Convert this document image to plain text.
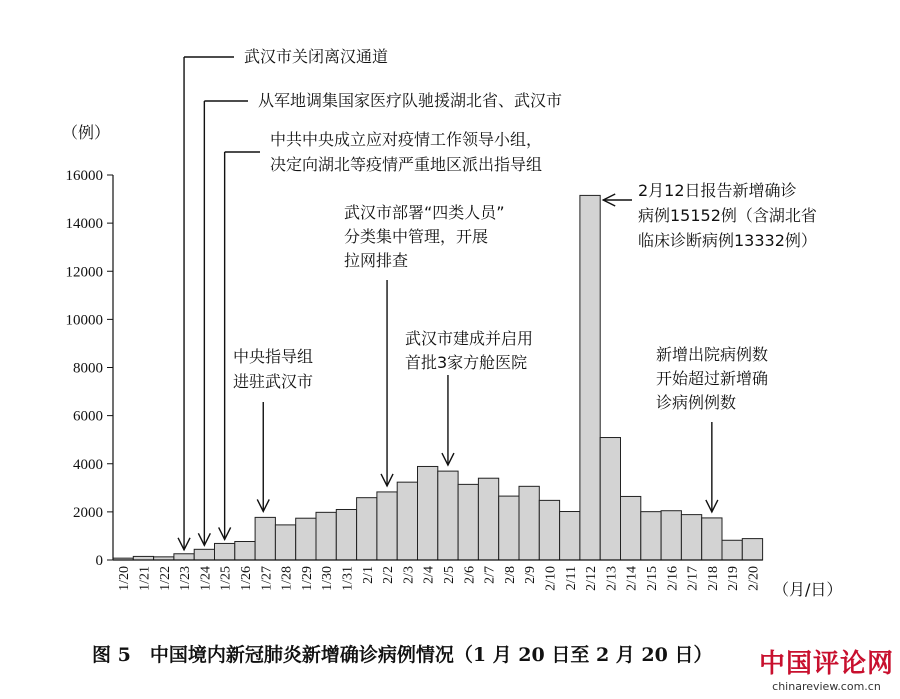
0
2000
4000
6000
8000
10000
12000
14000
16000
1/20 1/21 1/22 1/23 1/24 1/25 1/26 1/27 1/28 1/29 1/30 1/31 2/1 2/2 2/3 2/4 2/5 2/6 2/7 2/8 2/9 2/10 2/11 2/12 2/13 2/14 2/15 2/16 2/17 2/18 2/19 2/20
（例）
（月/日）
武汉市关闭离汉通道
从军地调集国家医疗队驰援湖北省、武汉市
中共中央成立应对疫情工作领导小组，
决定向湖北等疫情严重地区派出指导组
中央指导组
进驻武汉市
武汉市部署“四类人员”
分类集中管理，开展
拉网排查
武汉市建成并启用
首批3家方舱医院
2月12日报告新增确诊
病例15152例（含湖北省
临床诊断病例13332例）
新增出院病例数
开始超过新增确
诊病例例数
图 5　中国境内新冠肺炎新增确诊病例情况（1 月 20 日至 2 月 20 日） 中国评论网
chinareview.com.cn
